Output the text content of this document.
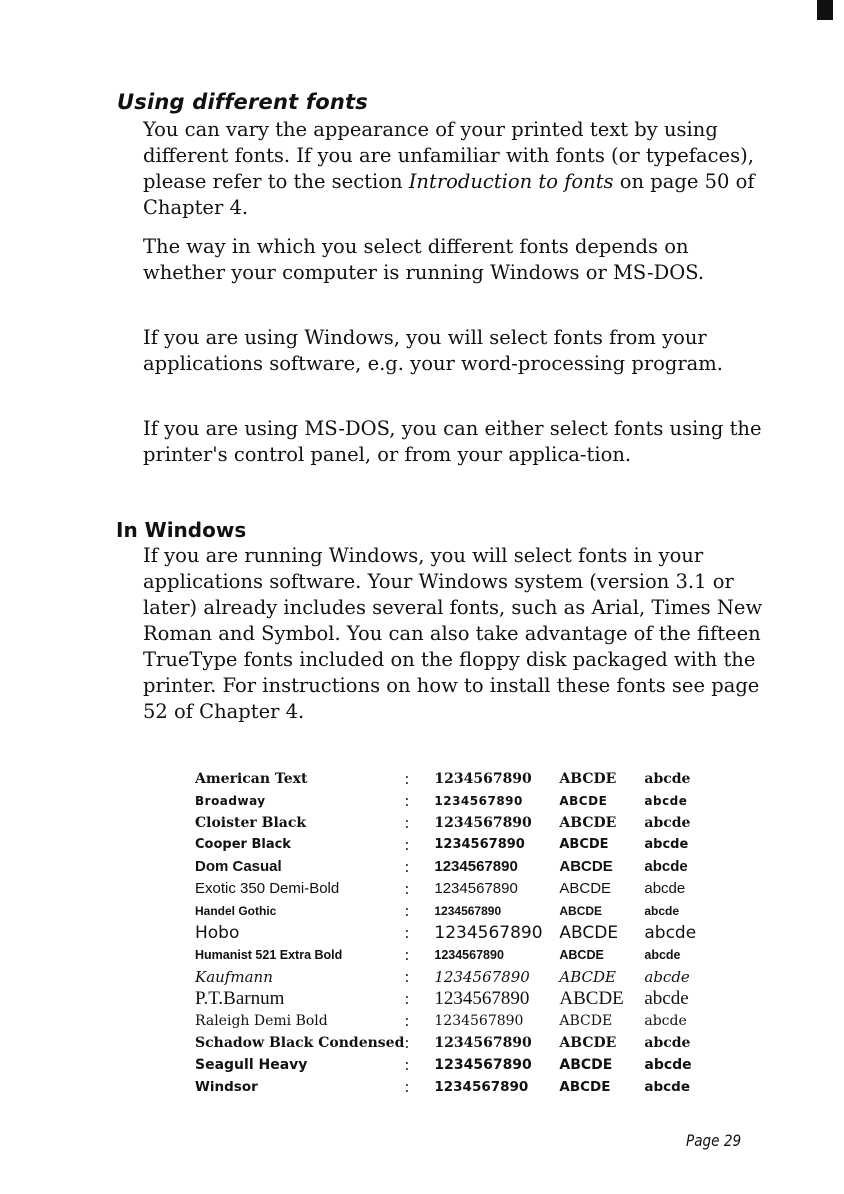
Using different fonts

You can vary the appearance of your printed text by using different fonts. If you are unfamiliar with fonts (or typefaces), please refer to the section Introduction to fonts on page 50 of Chapter 4.

The way in which you select different fonts depends on whether your computer is running Windows or MS-DOS.

If you are using Windows, you will select fonts from your applications software, e.g. your word-processing program.

If you are using MS-DOS, you can either select fonts using the printer's control panel, or from your applica-tion.

In Windows

If you are running Windows, you will select fonts in your applications software. Your Windows system (version 3.1 or later) already includes several fonts, such as Arial, Times New Roman and Symbol. You can also take advantage of the fifteen TrueType fonts included on the floppy disk packaged with the printer. For instructions on how to install these fonts see page 52 of Chapter 4.

American Text	:	1234567890	ABCDE	abcde
Broadway	:	1234567890	ABCDE	abcde
Cloister Black	:	1234567890	ABCDE	abcde
Cooper Black	:	1234567890	ABCDE	abcde
Dom Casual	:	1234567890	ABCDE	abcde
Exotic 350 Demi-Bold	:	1234567890	ABCDE	abcde
Handel Gothic	:	1234567890	ABCDE	abcde
Hobo	:	1234567890	ABCDE	abcde
Humanist 521 Extra Bold	:	1234567890	ABCDE	abcde
Kaufmann	:	1234567890	ABCDE	abcde
P.T.Barnum	:	1234567890	ABCDE	abcde
Raleigh Demi Bold	:	1234567890	ABCDE	abcde
Schadow Black Condensed	:	1234567890	ABCDE	abcde
Seagull Heavy	:	1234567890	ABCDE	abcde
Windsor	:	1234567890	ABCDE	abcde
Page 29
